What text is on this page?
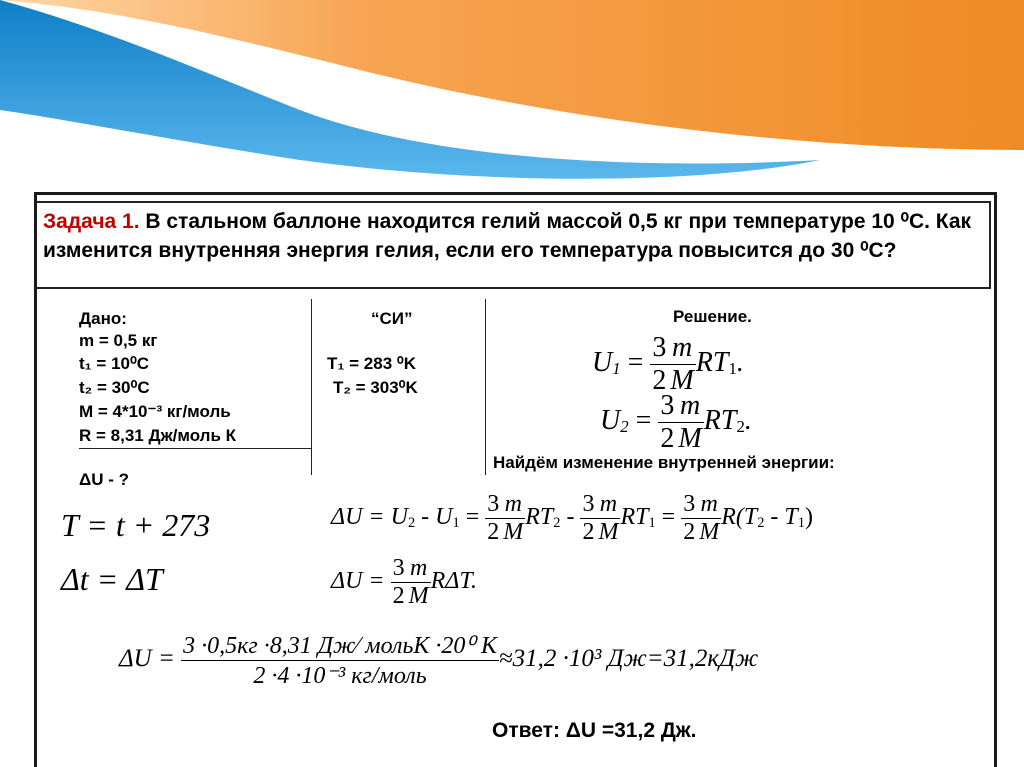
Задача 1. В стальном баллоне находится гелий массой 0,5 кг при температуре 10 ⁰С. Как изменится внутренняя энергия гелия, если его температура повысится до 30 ⁰С?
Дано:
m = 0,5 кг
t₁ = 10⁰С
t₂ = 30⁰С
M = 4*10⁻³ кг/моль
R = 8,31 Дж/моль К
ΔU - ?
“СИ”
T₁ = 283 ⁰K
T₂ = 303⁰K
Решение.
$U1 = \frac{3}{2} \frac{m}{M} RT1$.
$U2 = \frac{3}{2} \frac{m}{M} RT2$.
Найдём изменение внутренней энергии:
T = t + 273
Δt = ΔT
$\Delta U = U_2 - U_1 = \frac{3}{2} \frac{m}{M} RT_2 - \frac{3}{2} \frac{m}{M} RT_1 = \frac{3}{2} \frac{m}{M} R(T_2 - T_1)$
$\Delta U = \frac{3}{2} \frac{m}{M} R\Delta T$.
$\Delta U = \frac{\text{3 ·0,5кг ·8,31 Дж⁄ мольК ·20⁰ К}}{\text{2 ·4 ·10⁻³ кг/моль}} \approx 31,2 \cdot 10^3$ Дж=31,2кДж
Ответ: ΔU =31,2 Дж.
